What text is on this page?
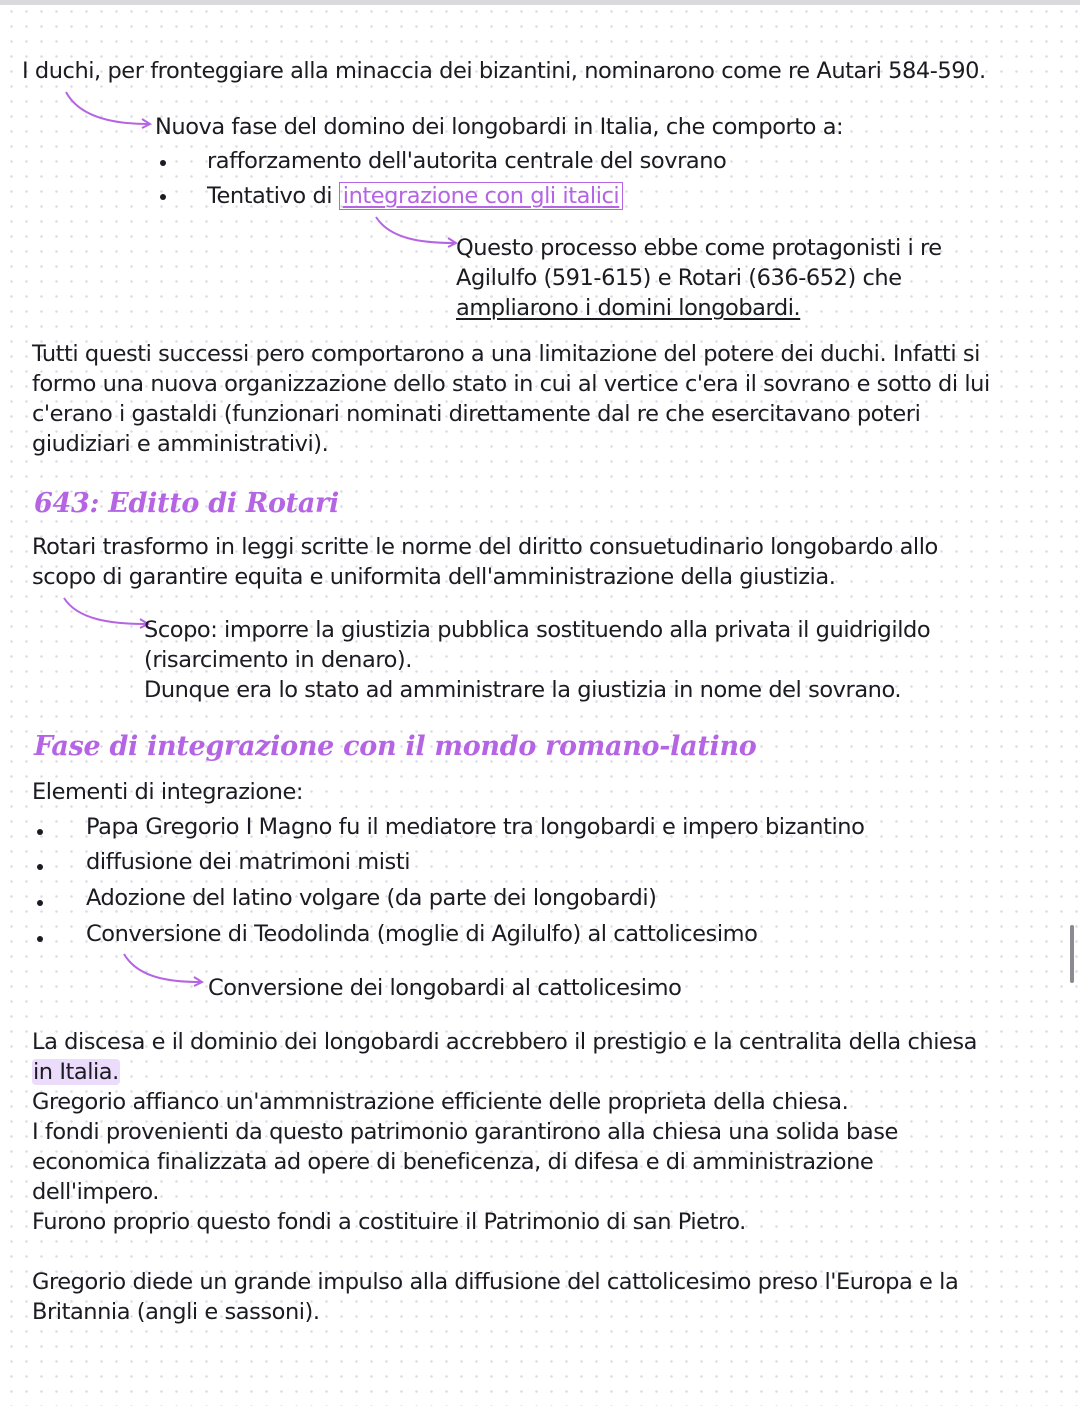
I duchi, per fronteggiare alla minaccia dei bizantini, nominarono come re Autari 584-590.
Nuova fase del domino dei longobardi in Italia, che comporto a:
rafforzamento dell'autorita centrale del sovrano
Tentativo di integrazione con gli italici
Questo processo ebbe come protagonisti i re
Agilulfo (591-615) e Rotari (636-652) che
ampliarono i domini longobardi.
Tutti questi successi pero comportarono a una limitazione del potere dei duchi. Infatti si
formo una nuova organizzazione dello stato in cui al vertice c'era il sovrano e sotto di lui
c'erano i gastaldi (funzionari nominati direttamente dal re che esercitavano poteri
giudiziari e amministrativi).
643: Editto di Rotari
Rotari trasformo in leggi scritte le norme del diritto consuetudinario longobardo allo
scopo di garantire equita e uniformita dell'amministrazione della giustizia.
Scopo: imporre la giustizia pubblica sostituendo alla privata il guidrigildo
(risarcimento in denaro).
Dunque era lo stato ad amministrare la giustizia in nome del sovrano.
Fase di integrazione con il mondo romano-latino
Elementi di integrazione:
Papa Gregorio I Magno fu il mediatore tra longobardi e impero bizantino
diffusione dei matrimoni misti
Adozione del latino volgare (da parte dei longobardi)
Conversione di Teodolinda (moglie di Agilulfo) al cattolicesimo
Conversione dei longobardi al cattolicesimo
La discesa e il dominio dei longobardi accrebbero il prestigio e la centralita della chiesa
in Italia.
Gregorio affianco un'ammnistrazione efficiente delle proprieta della chiesa.
I fondi provenienti da questo patrimonio garantirono alla chiesa una solida base
economica finalizzata ad opere di beneficenza, di difesa e di amministrazione
dell'impero.
Furono proprio questo fondi a costituire il Patrimonio di san Pietro.
Gregorio diede un grande impulso alla diffusione del cattolicesimo preso l'Europa e la
Britannia (angli e sassoni).
